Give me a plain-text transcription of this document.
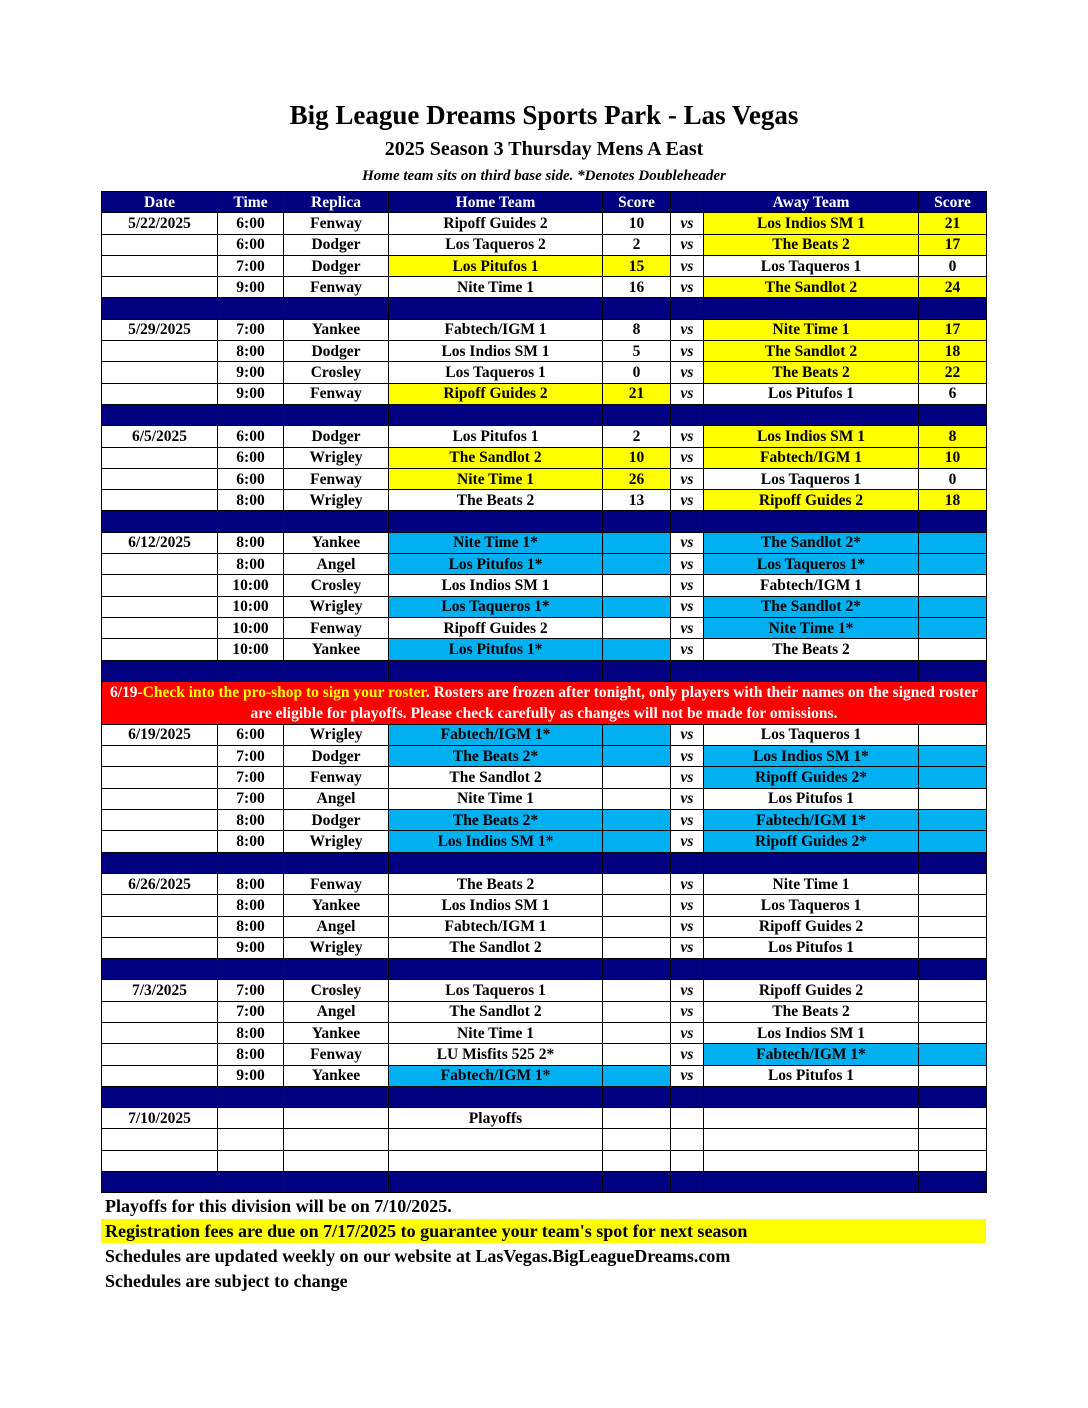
Big League Dreams Sports Park - Las Vegas
2025 Season 3 Thursday Mens A East
Home team sits on third base side. *Denotes Doubleheader
Date	Time	Replica	Home Team	Score		Away Team	Score
5/22/2025	6:00	Fenway	Ripoff Guides 2	10	vs	Los Indios SM 1	21
	6:00	Dodger	Los Taqueros 2	2	vs	The Beats 2	17
	7:00	Dodger	Los Pitufos 1	15	vs	Los Taqueros 1	0
	9:00	Fenway	Nite Time 1	16	vs	The Sandlot 2	24

5/29/2025	7:00	Yankee	Fabtech/IGM 1	8	vs	Nite Time 1	17
	8:00	Dodger	Los Indios SM 1	5	vs	The Sandlot 2	18
	9:00	Crosley	Los Taqueros 1	0	vs	The Beats 2	22
	9:00	Fenway	Ripoff Guides 2	21	vs	Los Pitufos 1	6

6/5/2025	6:00	Dodger	Los Pitufos 1	2	vs	Los Indios SM 1	8
	6:00	Wrigley	The Sandlot 2	10	vs	Fabtech/IGM 1	10
	6:00	Fenway	Nite Time 1	26	vs	Los Taqueros 1	0
	8:00	Wrigley	The Beats 2	13	vs	Ripoff Guides 2	18

6/12/2025	8:00	Yankee	Nite Time 1*		vs	The Sandlot 2*	
	8:00	Angel	Los Pitufos 1*		vs	Los Taqueros 1*	
	10:00	Crosley	Los Indios SM 1		vs	Fabtech/IGM 1	
	10:00	Wrigley	Los Taqueros 1*		vs	The Sandlot 2*	
	10:00	Fenway	Ripoff Guides 2		vs	Nite Time 1*	
	10:00	Yankee	Los Pitufos 1*		vs	The Beats 2	

6/19-Check into the pro-shop to sign your roster. Rosters are frozen after tonight, only players with their names on the signed roster are eligible for playoffs. Please check carefully as changes will not be made for omissions.							
6/19/2025	6:00	Wrigley	Fabtech/IGM 1*		vs	Los Taqueros 1	
	7:00	Dodger	The Beats 2*		vs	Los Indios SM 1*	
	7:00	Fenway	The Sandlot 2		vs	Ripoff Guides 2*	
	7:00	Angel	Nite Time 1		vs	Los Pitufos 1	
	8:00	Dodger	The Beats 2*		vs	Fabtech/IGM 1*	
	8:00	Wrigley	Los Indios SM 1*		vs	Ripoff Guides 2*	

6/26/2025	8:00	Fenway	The Beats 2		vs	Nite Time 1	
	8:00	Yankee	Los Indios SM 1		vs	Los Taqueros 1	
	8:00	Angel	Fabtech/IGM 1		vs	Ripoff Guides 2	
	9:00	Wrigley	The Sandlot 2		vs	Los Pitufos 1	

7/3/2025	7:00	Crosley	Los Taqueros 1		vs	Ripoff Guides 2	
	7:00	Angel	The Sandlot 2		vs	The Beats 2	
	8:00	Yankee	Nite Time 1		vs	Los Indios SM 1	
	8:00	Fenway	LU Misfits 525 2*		vs	Fabtech/IGM 1*	
	9:00	Yankee	Fabtech/IGM 1*		vs	Los Pitufos 1	

7/10/2025			Playoffs				

Playoffs for this division will be on 7/10/2025.
Registration fees are due on 7/17/2025 to guarantee your team's spot for next season
Schedules are updated weekly on our website at LasVegas.BigLeagueDreams.com
Schedules are subject to change
